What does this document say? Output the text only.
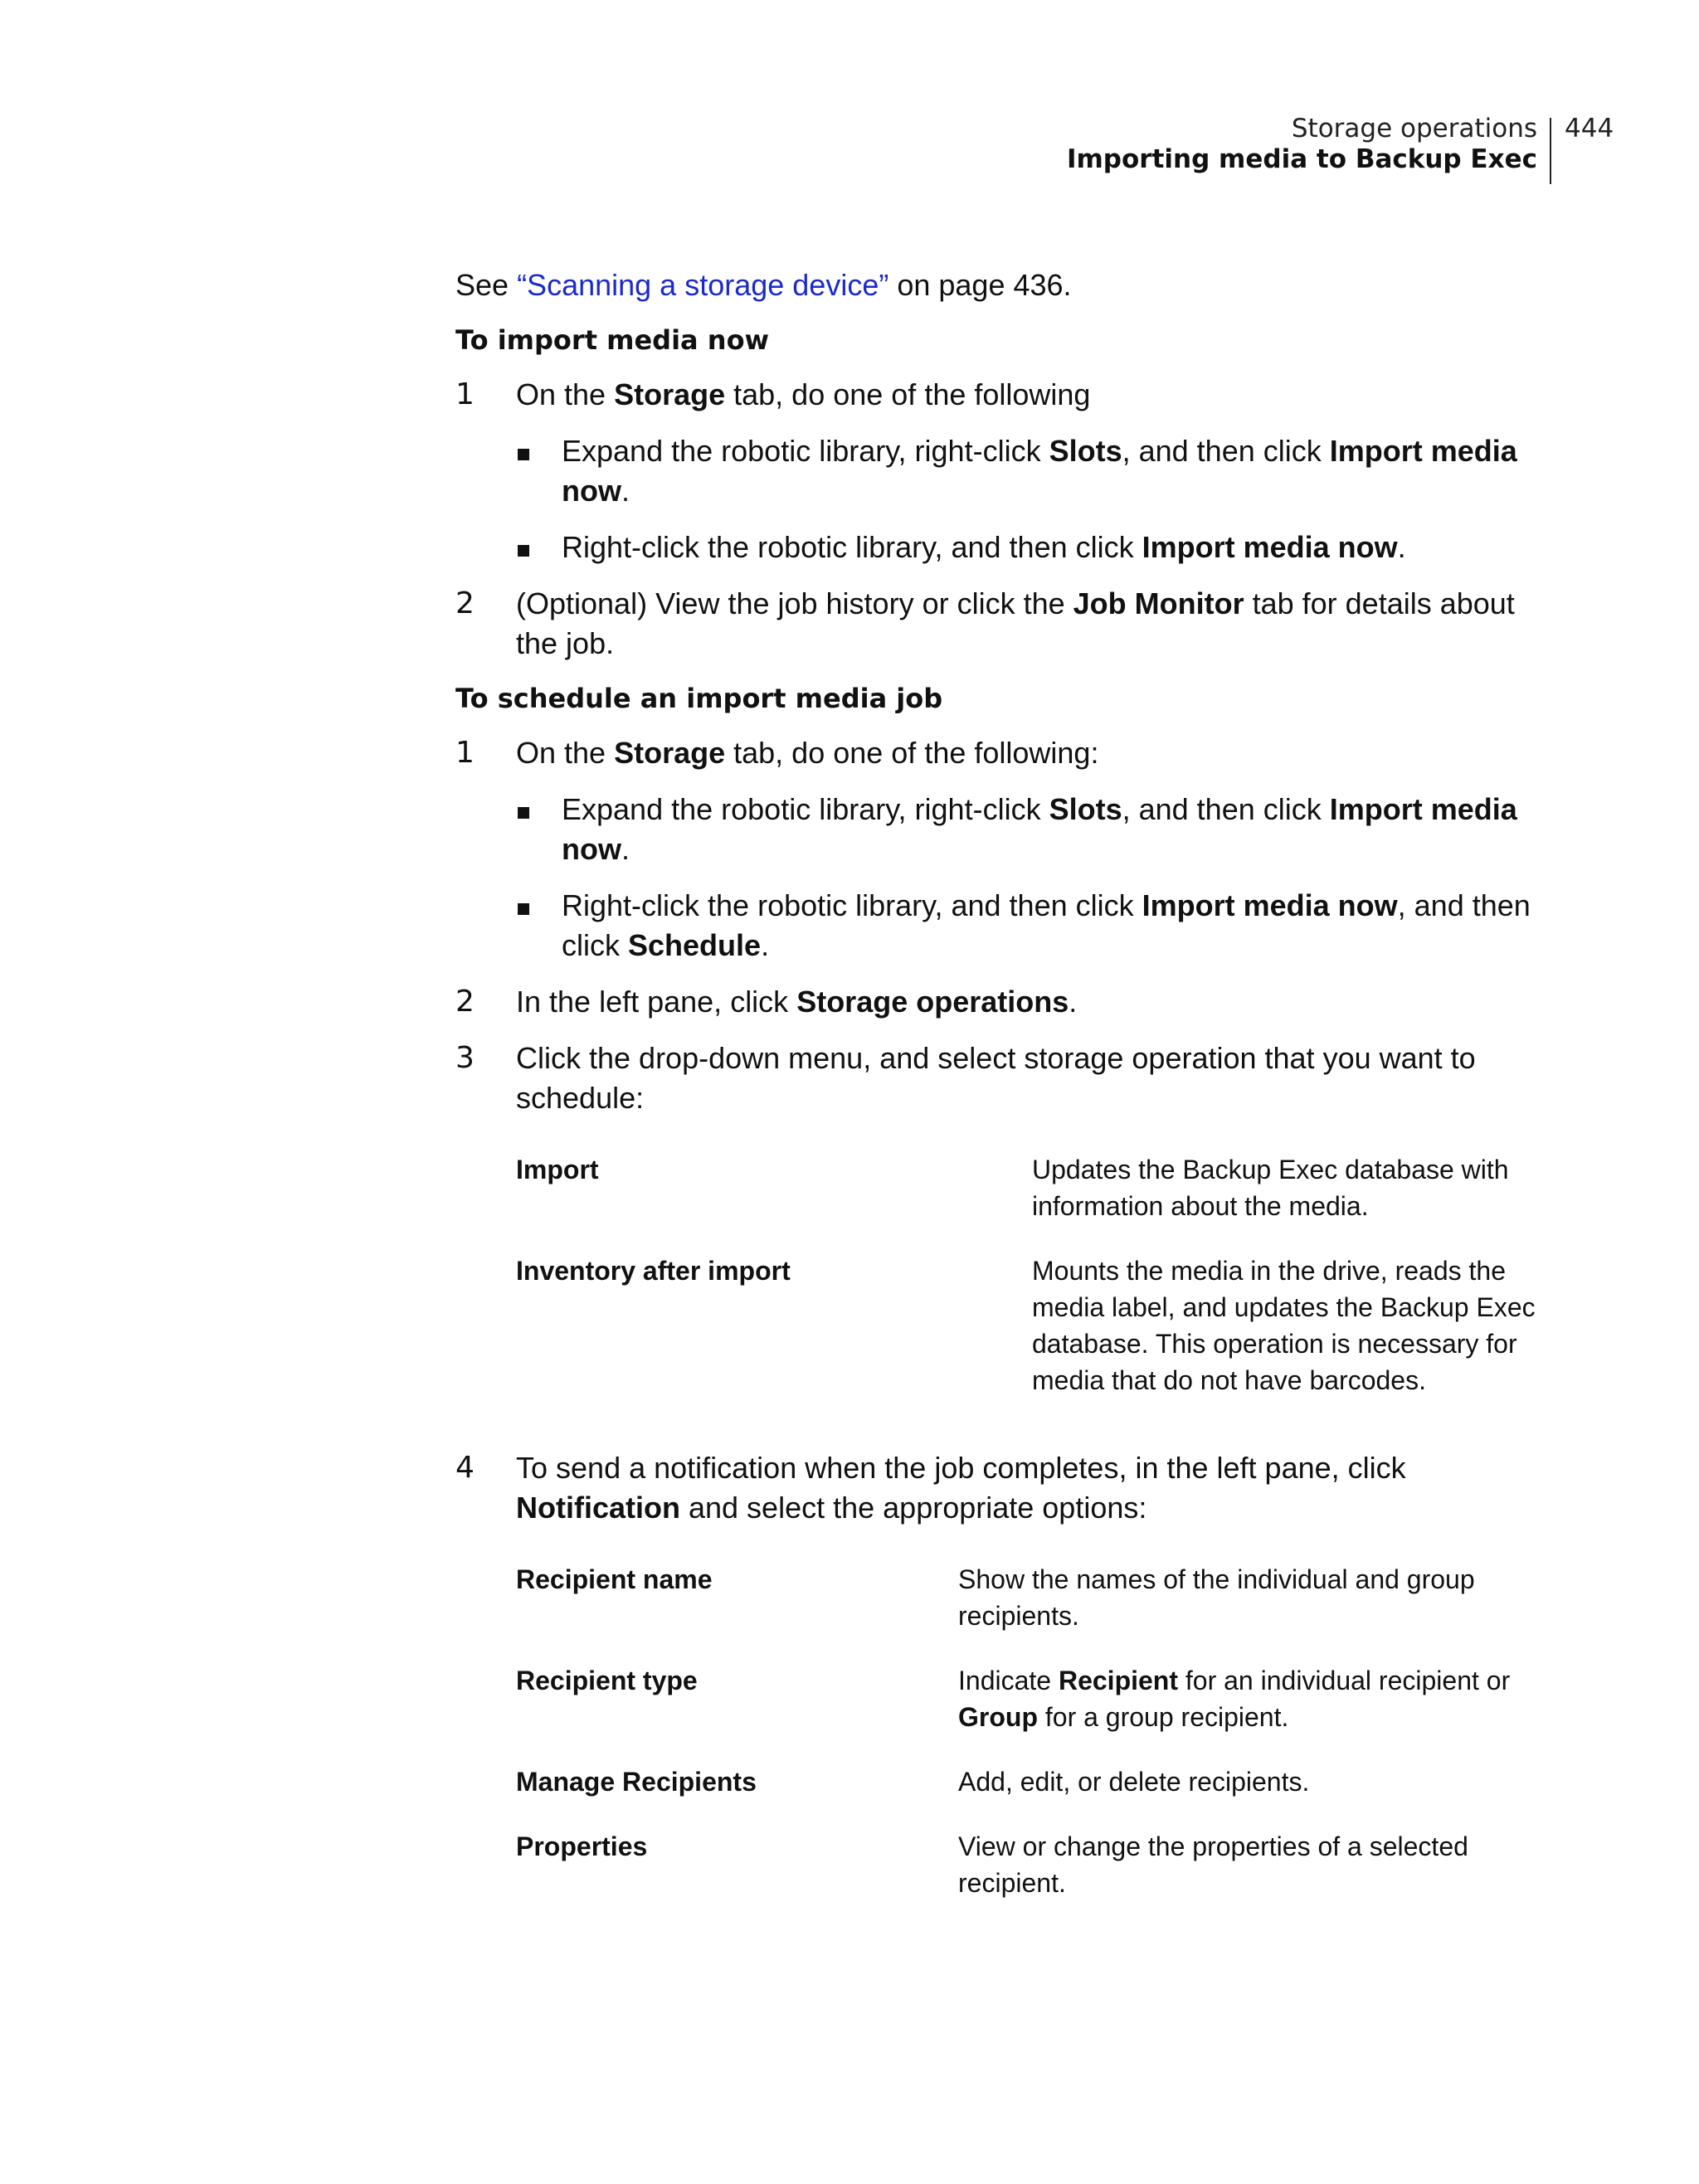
Storage operations
Importing media to Backup Exec
444

See “Scanning a storage device” on page 436.

To import media now

1	On the Storage tab, do one of the following

Expand the robotic library, right-click Slots, and then click Import media now.
Right-click the robotic library, and then click Import media now.
2	(Optional) View the job history or click the Job Monitor tab for details about the job.

To schedule an import media job

1	On the Storage tab, do one of the following:

Expand the robotic library, right-click Slots, and then click Import media now.
Right-click the robotic library, and then click Import media now, and then click Schedule.
2	In the left pane, click Storage operations.

3	Click the drop-down menu, and select storage operation that you want to schedule:

Import	Updates the Backup Exec database with information about the media.
Inventory after import	Mounts the media in the drive, reads the media label, and updates the Backup Exec database. This operation is necessary for media that do not have barcodes.
4	To send a notification when the job completes, in the left pane, click Notification and select the appropriate options:

Recipient name	Show the names of the individual and group recipients.
Recipient type	Indicate Recipient for an individual recipient or Group for a group recipient.
Manage Recipients	Add, edit, or delete recipients.
Properties	View or change the properties of a selected recipient.
